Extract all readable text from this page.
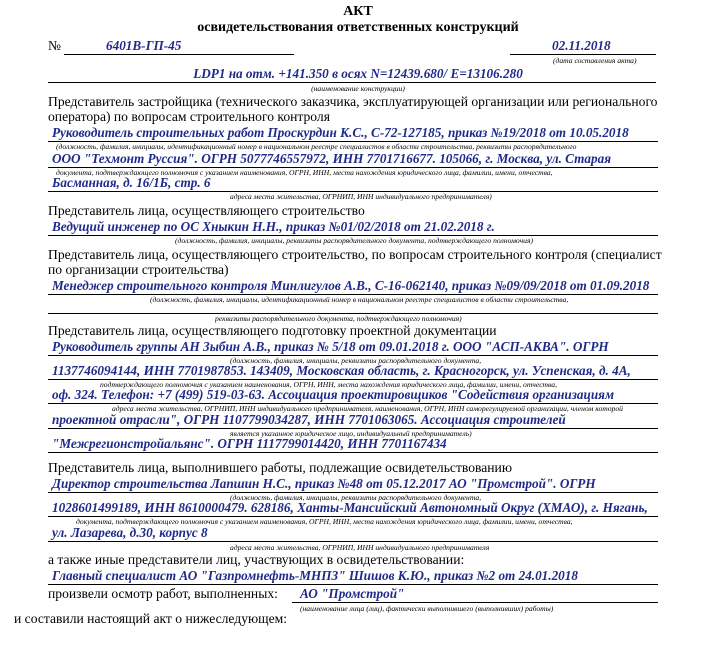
АКТ
освидетельствования ответственных конструкций
№	6401В-ГП-45	02.11.2018
(дата составления акта)
LDP1 на отм. +141.350 в осях N=12439.680/ E=13106.280
(наименование конструкции)
Представитель застройщика (технического заказчика, эксплуатирующей организации или регионального
оператора) по вопросам строительного контроля
Руководитель строительных работ Проскурдин К.С., С-72-127185, приказ №19/2018 от 10.05.2018
(должность, фамилия, инициалы, идентификационный номер в национальном реестре специалистов в области строительства, реквизиты распорядительного
ООО "Техмонт Руссия". ОГРН 5077746557972, ИНН 7701716677. 105066, г. Москва, ул. Старая
документа, подтверждающего полномочия с указанием наименования, ОГРН, ИНН, места нахождения юридического лица, фамилии, имени, отчества,
Басманная, д. 16/1Б, стр. 6
адреса места жительства, ОГРНИП, ИНН индивидуального предпринимателя)
Представитель лица, осуществляющего строительство
Ведущий инженер по ОС Хныкин Н.Н., приказ №01/02/2018 от 21.02.2018 г.
(должность, фамилия, инициалы, реквизиты распорядительного документа, подтверждающего полномочия)
Представитель лица, осуществляющего строительство, по вопросам строительного контроля (специалист
по организации строительства)
Менеджер строительного контроля Минлигулов А.В., С-16-062140, приказ №09/09/2018 от 01.09.2018
(должность, фамилия, инициалы, идентификационный номер в национальном реестре специалистов в области строительства,
реквизиты распорядительного документа, подтверждающего полномочия)
Представитель лица, осуществляющего подготовку проектной документации
Руководитель группы АН Зыбин А.В., приказ № 5/18 от 09.01.2018 г. ООО "АСП-АКВА". ОГРН
(должность, фамилия, инициалы, реквизиты распорядительного документа,
1137746094144, ИНН 7701987853. 143409, Московская область, г. Красногорск, ул. Успенская, д. 4А,
подтверждающего полномочия с указанием наименования, ОГРН, ИНН, места нахождения юридического лица, фамилии, имени, отчества,
оф. 324. Телефон: +7 (499) 519-03-63. Ассоциация проектировщиков "Содействия организациям
адреса места жительства, ОГРНИП, ИНН индивидуального предпринимателя, наименования, ОГРН, ИНН саморегулируемой организации, членом которой
проектной отрасли", ОГРН 1107799034287, ИНН 7701063065. Ассоциация строителей
является указанное юридическое лицо, индивидуальный предприниматель)
"Межрегионстройальянс". ОГРН 1117799014420, ИНН 7701167434
Представитель лица, выполнившего работы, подлежащие освидетельствованию
Директор строительства Лапшин Н.С., приказ №48 от 05.12.2017 АО "Промстрой". ОГРН
(должность, фамилия, инициалы, реквизиты распорядительного документа,
1028601499189, ИНН 8610000479. 628186, Ханты-Мансийский Автономный Округ (ХМАО), г. Нягань,
документа, подтверждающего полномочия с указанием наименования, ОГРН, ИНН, места нахождения юридического лица, фамилии, имени, отчества,
ул. Лазарева, д.30, корпус 8
адреса места жительства, ОГРНИП, ИНН индивидуального предпринимателя
а также иные представители лиц, участвующих в освидетельствовании:
Главный специалист АО "Газпромнефть-МНПЗ" Шишов К.Ю., приказ №2 от 24.01.2018
произвели осмотр работ, выполненных: АО "Промстрой"
(наименование лица (лиц), фактически выполнившего (выполнивших) работы)
и составили настоящий акт о нижеследующем:
